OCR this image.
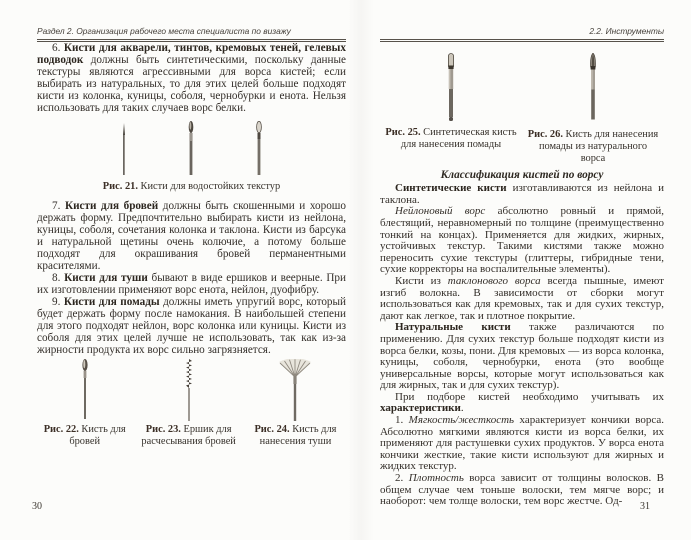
Раздел 2. Организация рабочего места специалиста по визажу

6. Кисти для акварели, тинтов, кремовых теней, гелевых подводок должны быть синтетическими, поскольку данные текстуры являются агрессивными для ворса кистей; если выбирать из натуральных, то для этих целей больше подходят кисти из колонка, куницы, соболя, чернобурки и енота. Нельзя использовать для таких случаев ворс белки.

Рис. 21. Кисти для водостойких текстур

7. Кисти для бровей должны быть скошенными и хорошо держать форму. Предпочтительно выбирать кисти из нейлона, куницы, соболя, сочетания колонка и таклона. Кисти из барсука и натуральной щетины очень колючие, а потому больше подходят для окрашивания бровей перманентными красителями.

8. Кисти для туши бывают в виде ершиков и веерные. При их изготовлении применяют ворс енота, нейлон, дуофибру.

9. Кисти для помады должны иметь упругий ворс, который будет держать форму после намокания. В наибольшей степени для этого подходят нейлон, ворс колонка или куницы. Кисти из соболя для этих целей лучше не использовать, так как из-за жирности продукта их ворс сильно загрязняется.

Рис. 22. Кисть для бровей
Рис. 23. Ершик для расчесывания бровей
Рис. 24. Кисть для нанесения туши
30
2.2. Инструменты
Рис. 25. Синтетическая кисть для нанесения помады
Рис. 26. Кисть для нанесения помады из натурального ворса
Классификация кистей по ворсу

Синтетические кисти изготавливаются из нейлона и таклона.

Нейлоновый ворс абсолютно ровный и прямой, блестящий, неравномерный по толщине (преимущественно тонкий на концах). Применяется для жидких, жирных, устойчивых текстур. Такими кистями также можно переносить сухие текстуры (глиттеры, гибридные тени, сухие корректоры на воспалительные элементы).

Кисти из таклонового ворса всегда пышные, имеют изгиб волокна. В зависимости от сборки могут использоваться как для кремовых, так и для сухих текстур, дают как легкое, так и плотное покрытие.

Натуральные кисти также различаются по применению. Для сухих текстур больше подходят кисти из ворса белки, козы, пони. Для кремовых — из ворса колонка, куницы, соболя, чернобурки, енота (это вообще универсальные ворсы, которые могут использоваться как для жирных, так и для сухих текстур).

При подборе кистей необходимо учитывать их характеристики.

1. Мягкость/жесткость характеризует кончики ворса. Абсолютно мягкими являются кисти из ворса белки, их применяют для растушевки сухих продуктов. У ворса енота кончики жесткие, такие кисти используют для жирных и жидких текстур.

2. Плотность ворса зависит от толщины волосков. В общем случае чем тоньше волоски, тем мягче ворс; и наоборот: чем толще волоски, тем ворс жестче. Од-	31
